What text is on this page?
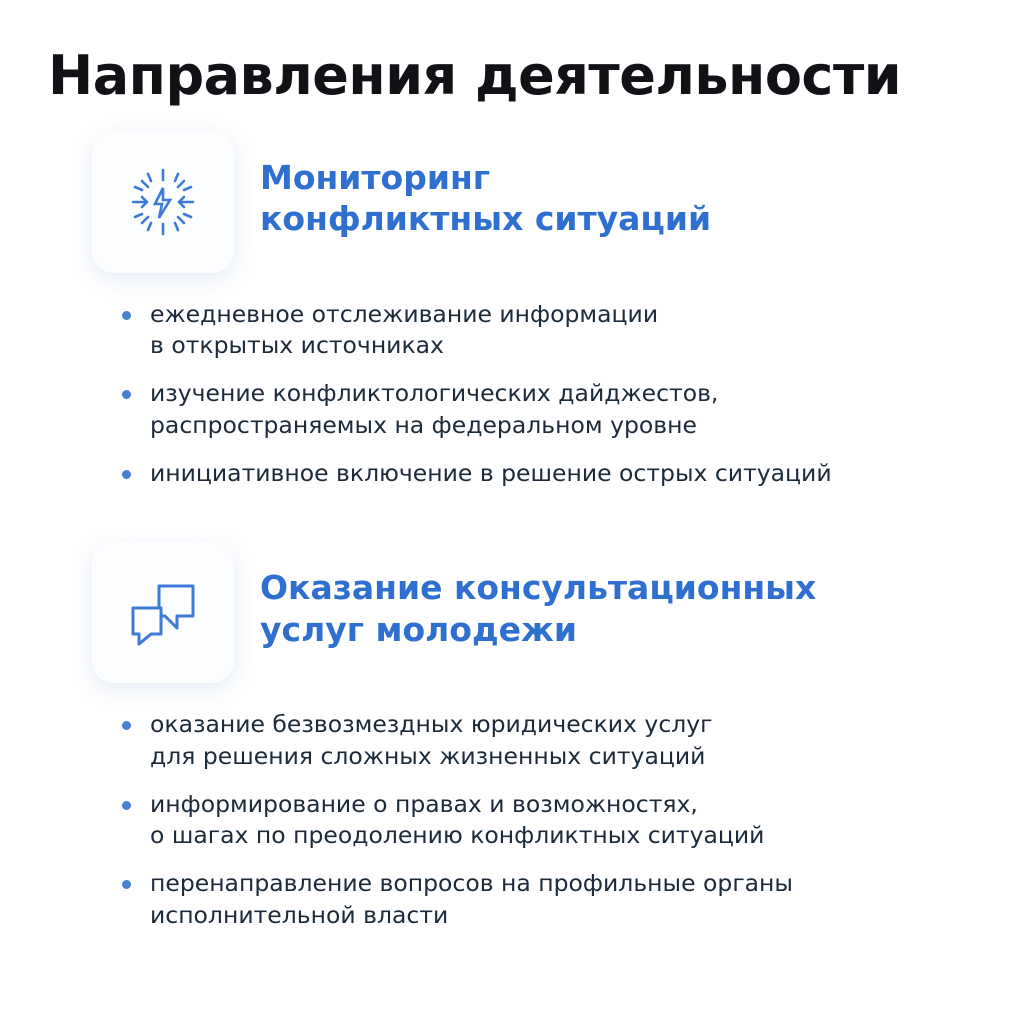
Направления деятельности
Мониторинг
конфликтных ситуаций
ежедневное отслеживание информации
в открытых источниках
изучение конфликтологических дайджестов,
распространяемых на федеральном уровне
инициативное включение в решение острых ситуаций
Оказание консультационных
услуг молодежи
оказание безвозмездных юридических услуг
для решения сложных жизненных ситуаций
информирование о правах и возможностях,
о шагах по преодолению конфликтных ситуаций
перенаправление вопросов на профильные органы
исполнительной власти
